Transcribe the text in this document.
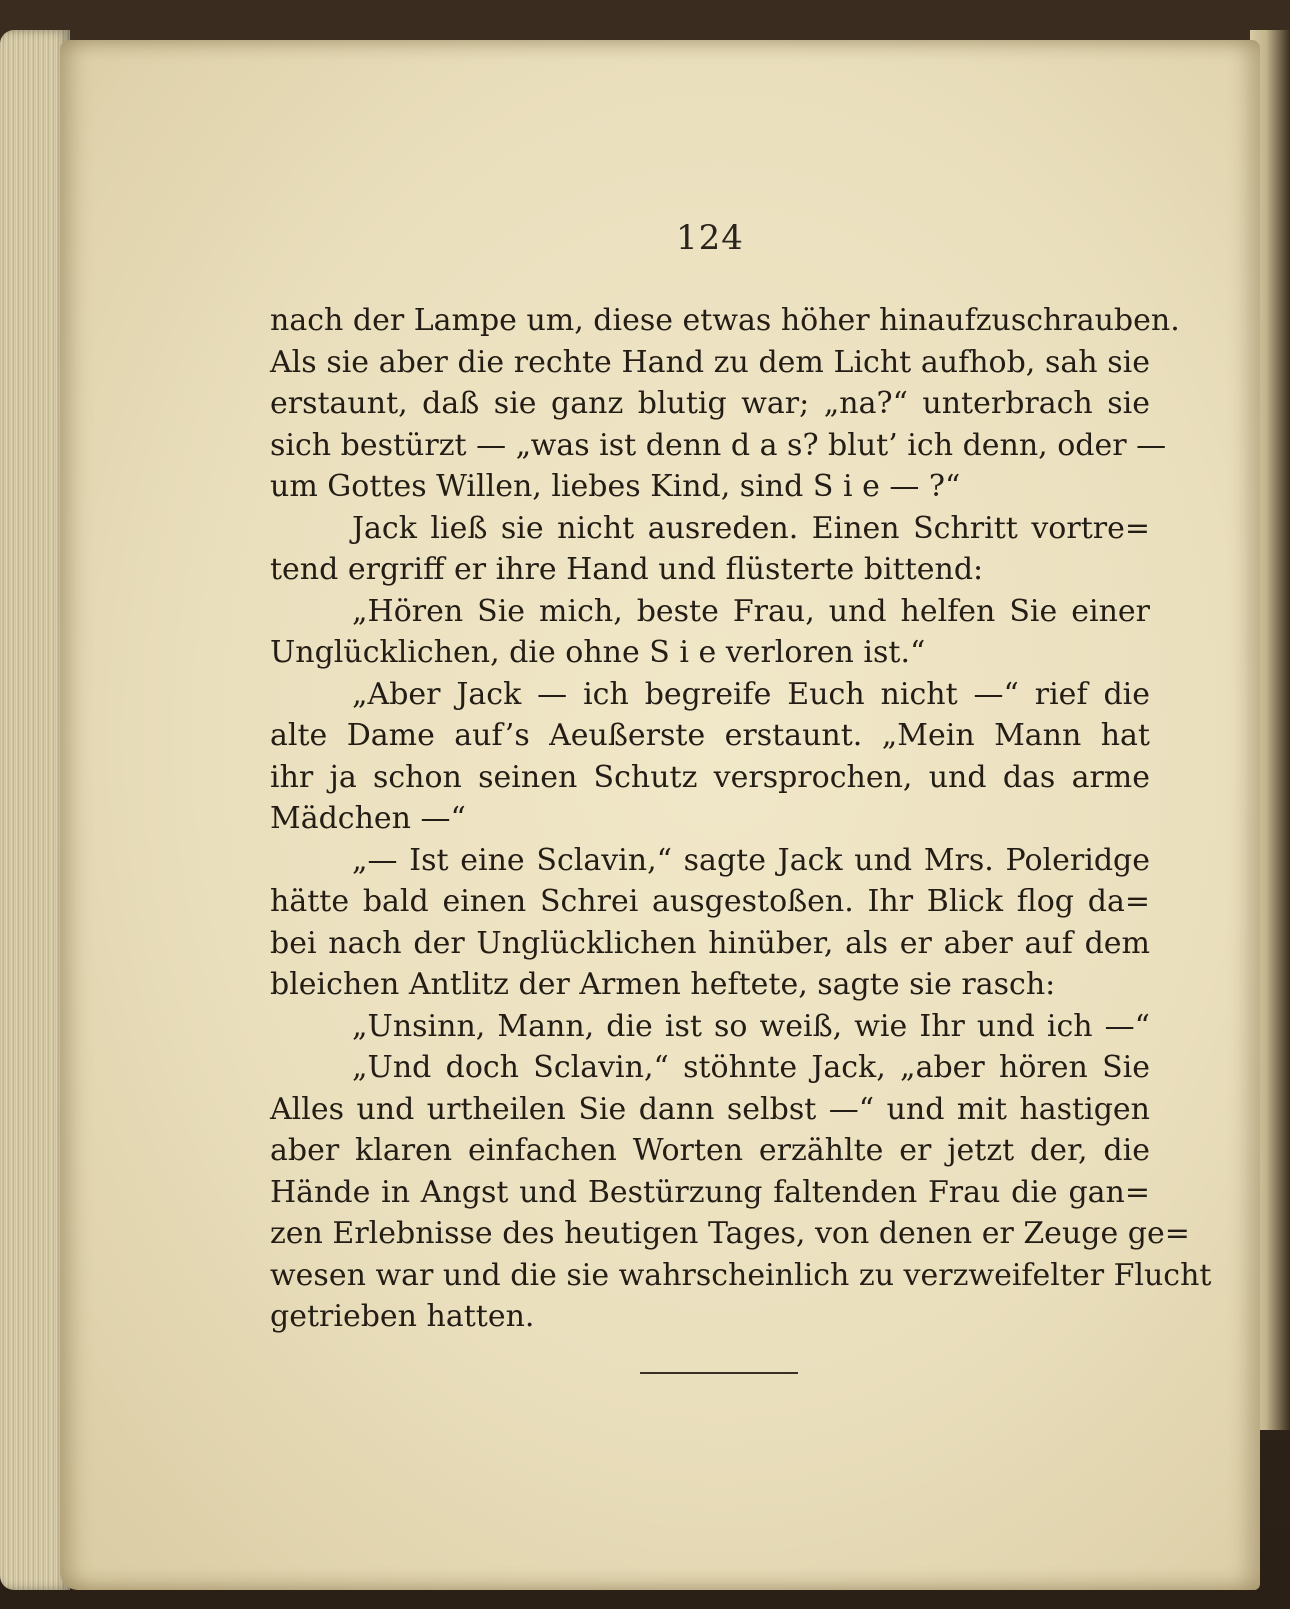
124
nach der Lampe um, diese etwas höher hinaufzuschrauben.
Als sie aber die rechte Hand zu dem Licht aufhob, sah sie
erstaunt, daß sie ganz blutig war; „na?“ unterbrach sie
sich bestürzt — „was ist denn d a s? blut’ ich denn, oder —
um Gottes Willen, liebes Kind, sind S i e — ?“
Jack ließ sie nicht ausreden. Einen Schritt vortre=
tend ergriff er ihre Hand und flüsterte bittend:
„Hören Sie mich, beste Frau, und helfen Sie einer
Unglücklichen, die ohne S i e verloren ist.“
„Aber Jack — ich begreife Euch nicht —“ rief die
alte Dame auf’s Aeußerste erstaunt. „Mein Mann hat
ihr ja schon seinen Schutz versprochen, und das arme
Mädchen —“
„— Ist eine Sclavin,“ sagte Jack und Mrs. Poleridge
hätte bald einen Schrei ausgestoßen. Ihr Blick flog da=
bei nach der Unglücklichen hinüber, als er aber auf dem
bleichen Antlitz der Armen heftete, sagte sie rasch:
„Unsinn, Mann, die ist so weiß, wie Ihr und ich —“
„Und doch Sclavin,“ stöhnte Jack, „aber hören Sie
Alles und urtheilen Sie dann selbst —“ und mit hastigen
aber klaren einfachen Worten erzählte er jetzt der, die
Hände in Angst und Bestürzung faltenden Frau die gan=
zen Erlebnisse des heutigen Tages, von denen er Zeuge ge=
wesen war und die sie wahrscheinlich zu verzweifelter Flucht
getrieben hatten.
